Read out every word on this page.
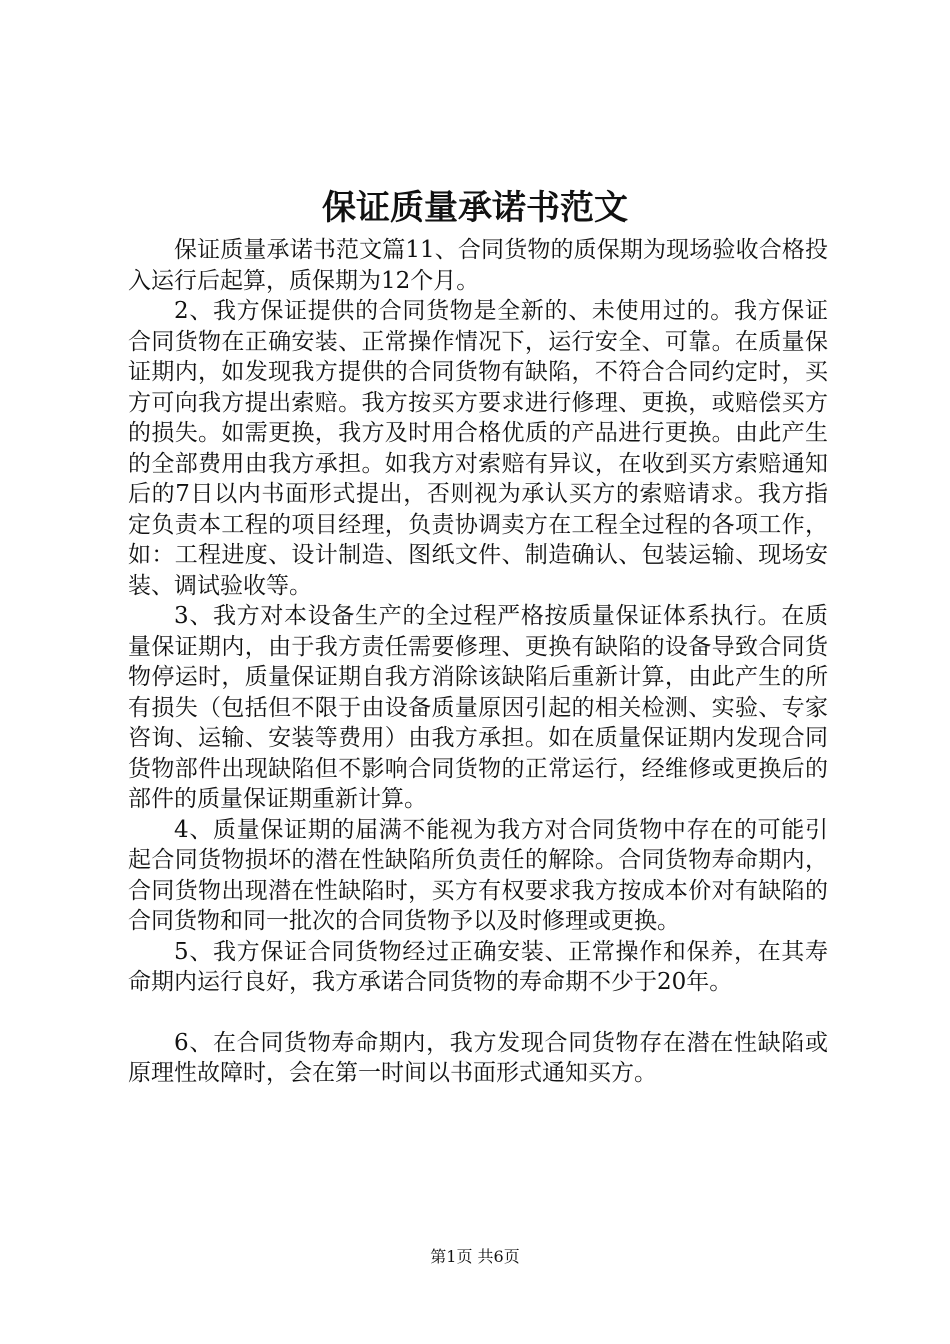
保证质量承诺书范文

保证质量承诺书范文篇11、合同货物的质保期为现场验收合格投入运行后起算，质保期为12个月。

2、我方保证提供的合同货物是全新的、未使用过的。我方保证合同货物在正确安装、正常操作情况下，运行安全、可靠。在质量保证期内，如发现我方提供的合同货物有缺陷，不符合合同约定时，买方可向我方提出索赔。我方按买方要求进行修理、更换，或赔偿买方的损失。如需更换，我方及时用合格优质的产品进行更换。由此产生的全部费用由我方承担。如我方对索赔有异议，在收到买方索赔通知后的7日以内书面形式提出，否则视为承认买方的索赔请求。我方指定负责本工程的项目经理，负责协调卖方在工程全过程的各项工作，如：工程进度、设计制造、图纸文件、制造确认、包装运输、现场安装、调试验收等。

3、我方对本设备生产的全过程严格按质量保证体系执行。在质量保证期内，由于我方责任需要修理、更换有缺陷的设备导致合同货物停运时，质量保证期自我方消除该缺陷后重新计算，由此产生的所有损失（包括但不限于由设备质量原因引起的相关检测、实验、专家咨询、运输、安装等费用）由我方承担。如在质量保证期内发现合同货物部件出现缺陷但不影响合同货物的正常运行，经维修或更换后的部件的质量保证期重新计算。

4、质量保证期的届满不能视为我方对合同货物中存在的可能引起合同货物损坏的潜在性缺陷所负责任的解除。合同货物寿命期内，合同货物出现潜在性缺陷时，买方有权要求我方按成本价对有缺陷的合同货物和同一批次的合同货物予以及时修理或更换。

5、我方保证合同货物经过正确安装、正常操作和保养，在其寿命期内运行良好，我方承诺合同货物的寿命期不少于20年。

6、在合同货物寿命期内，我方发现合同货物存在潜在性缺陷或原理性故障时，会在第一时间以书面形式通知买方。

第1页 共6页
